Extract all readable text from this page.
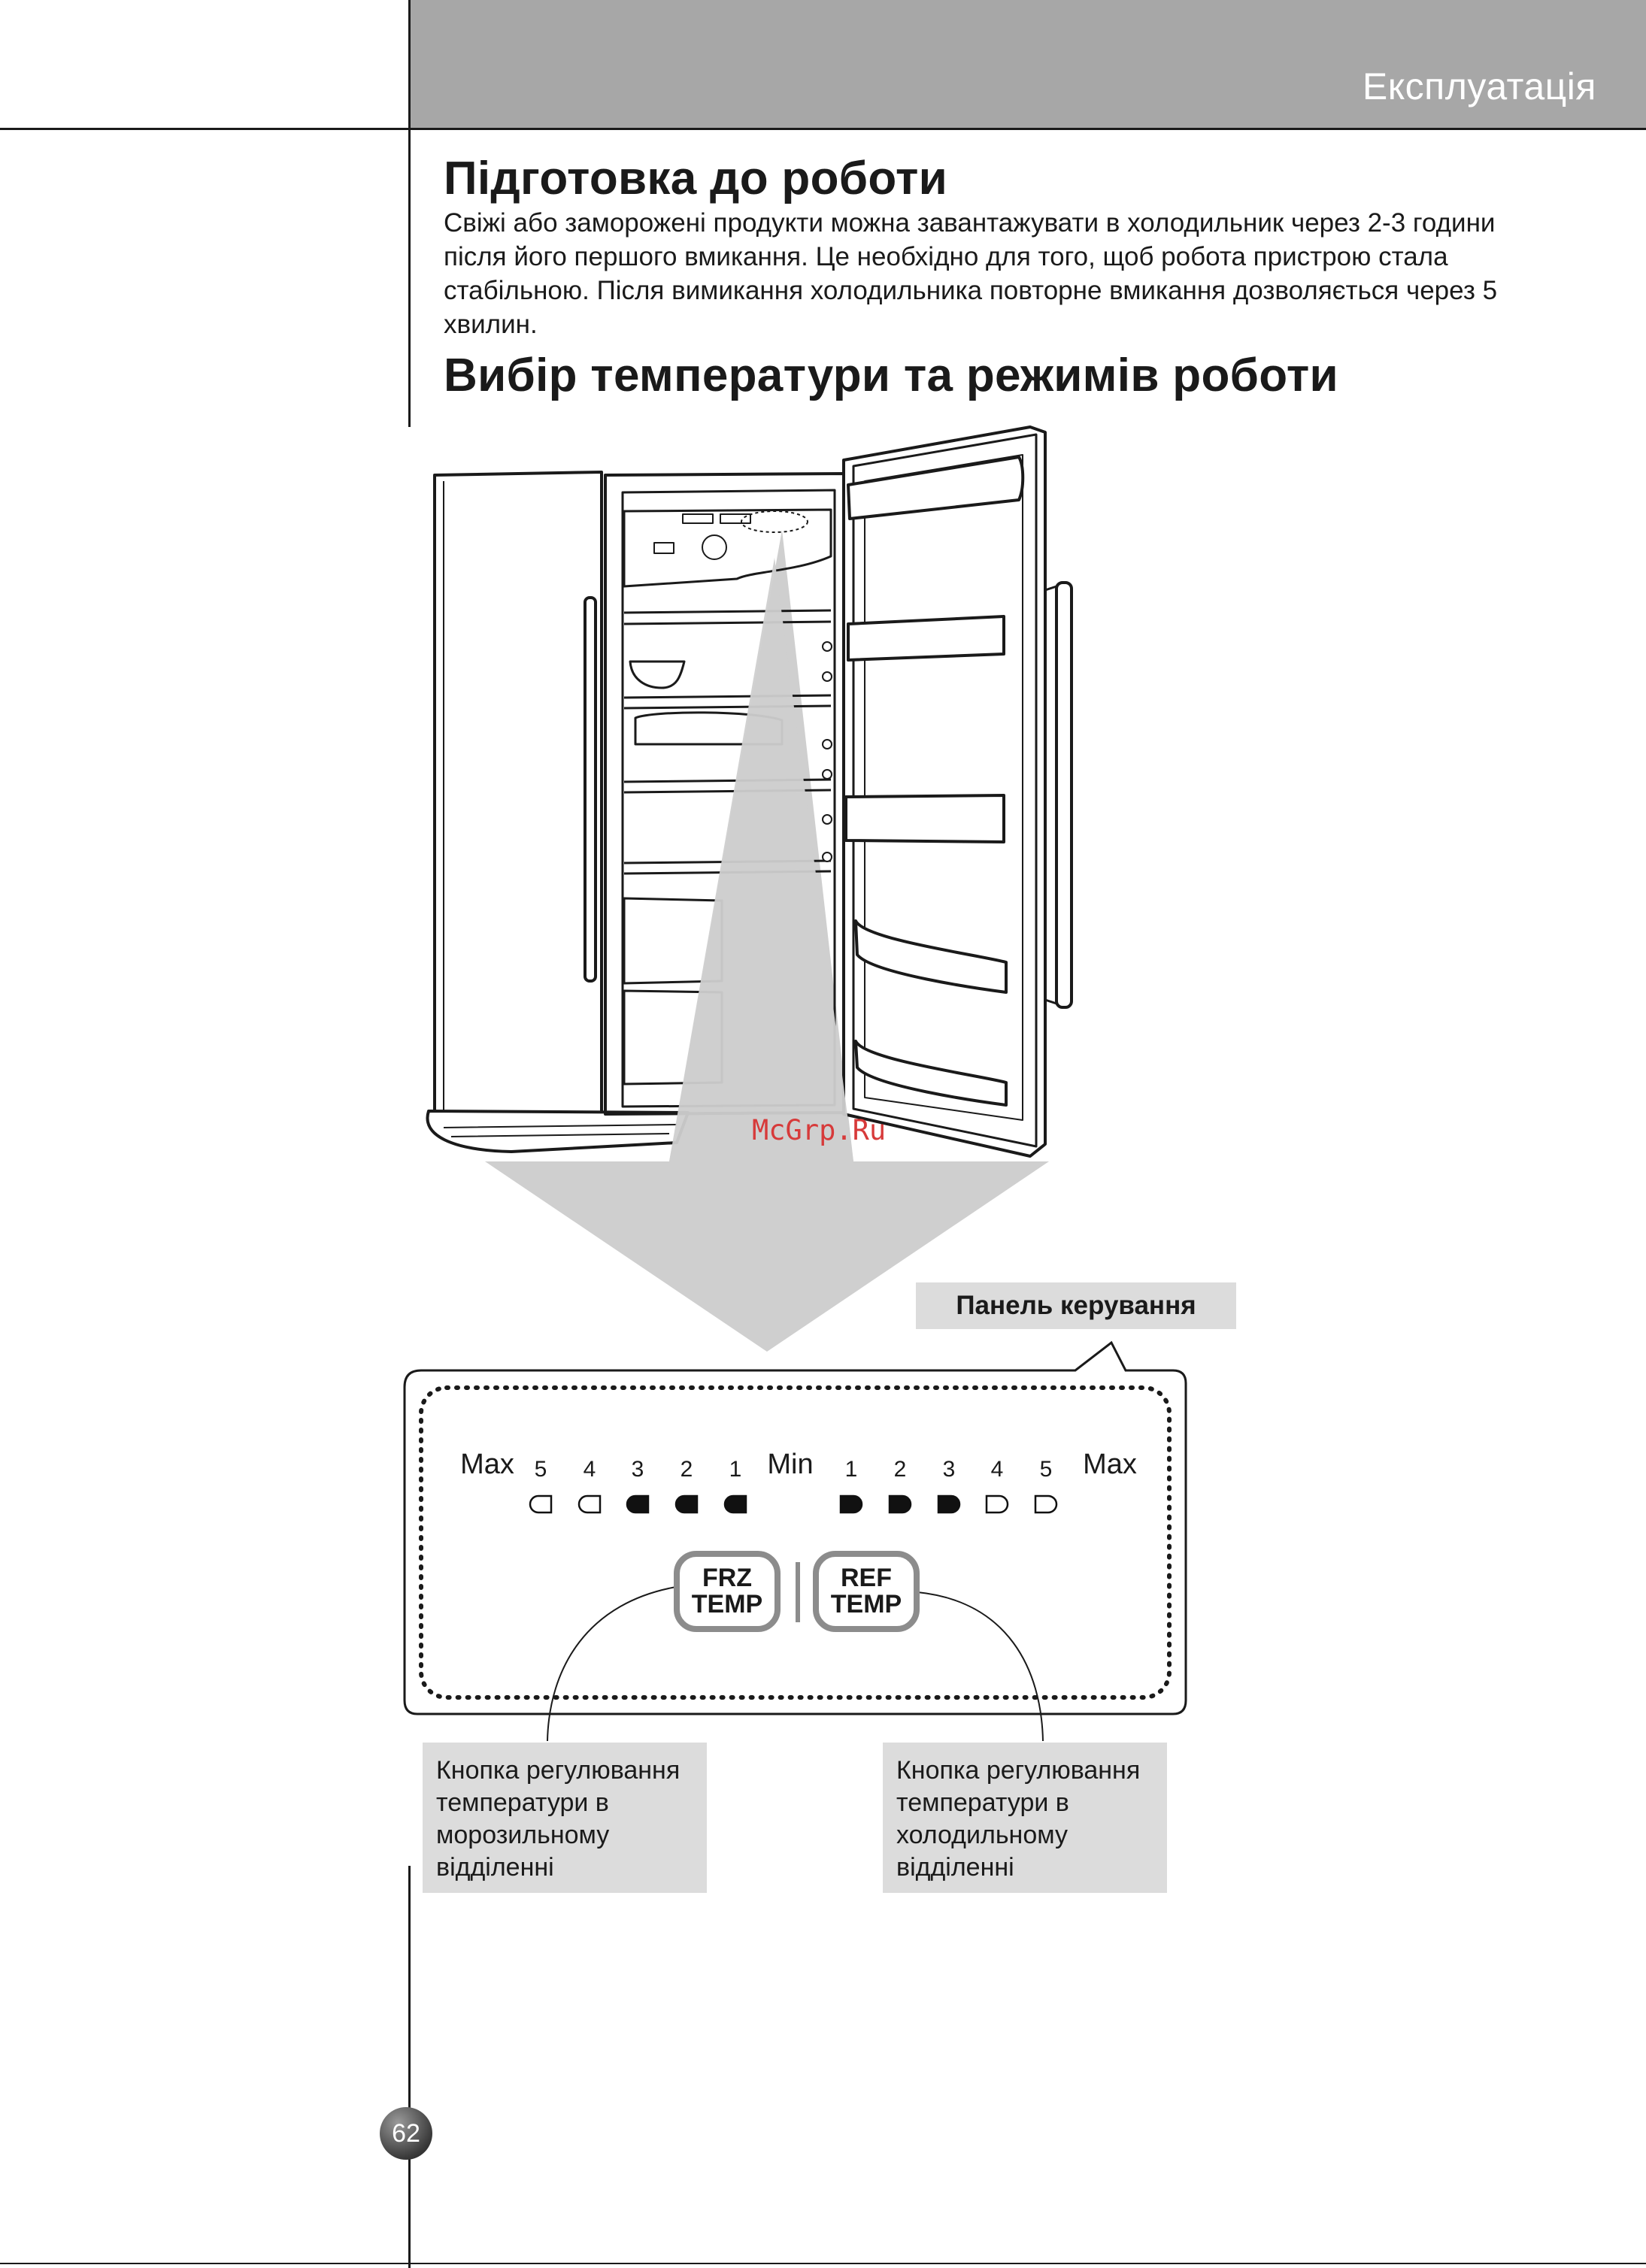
Експлуатація
Підготовка до роботи

Свіжі або заморожені продукти можна завантажувати в холодильник через 2-3 години після його першого вмикання. Це необхідно для того, щоб робота пристрою стала стабільною. Після вимикання холодильника повторне вмикання дозволяється через 5 хвилин.

Вибір температури та режимів роботи
FRZ
TEMP
REF
TEMP
Max	Min	Max
5 4 3 2 1	1 2 3 4 5
McGrp.Ru
Панель керування
Кнопка регулювання температури в морозильному відділенні
Кнопка регулювання температури в холодильному відділенні
62
